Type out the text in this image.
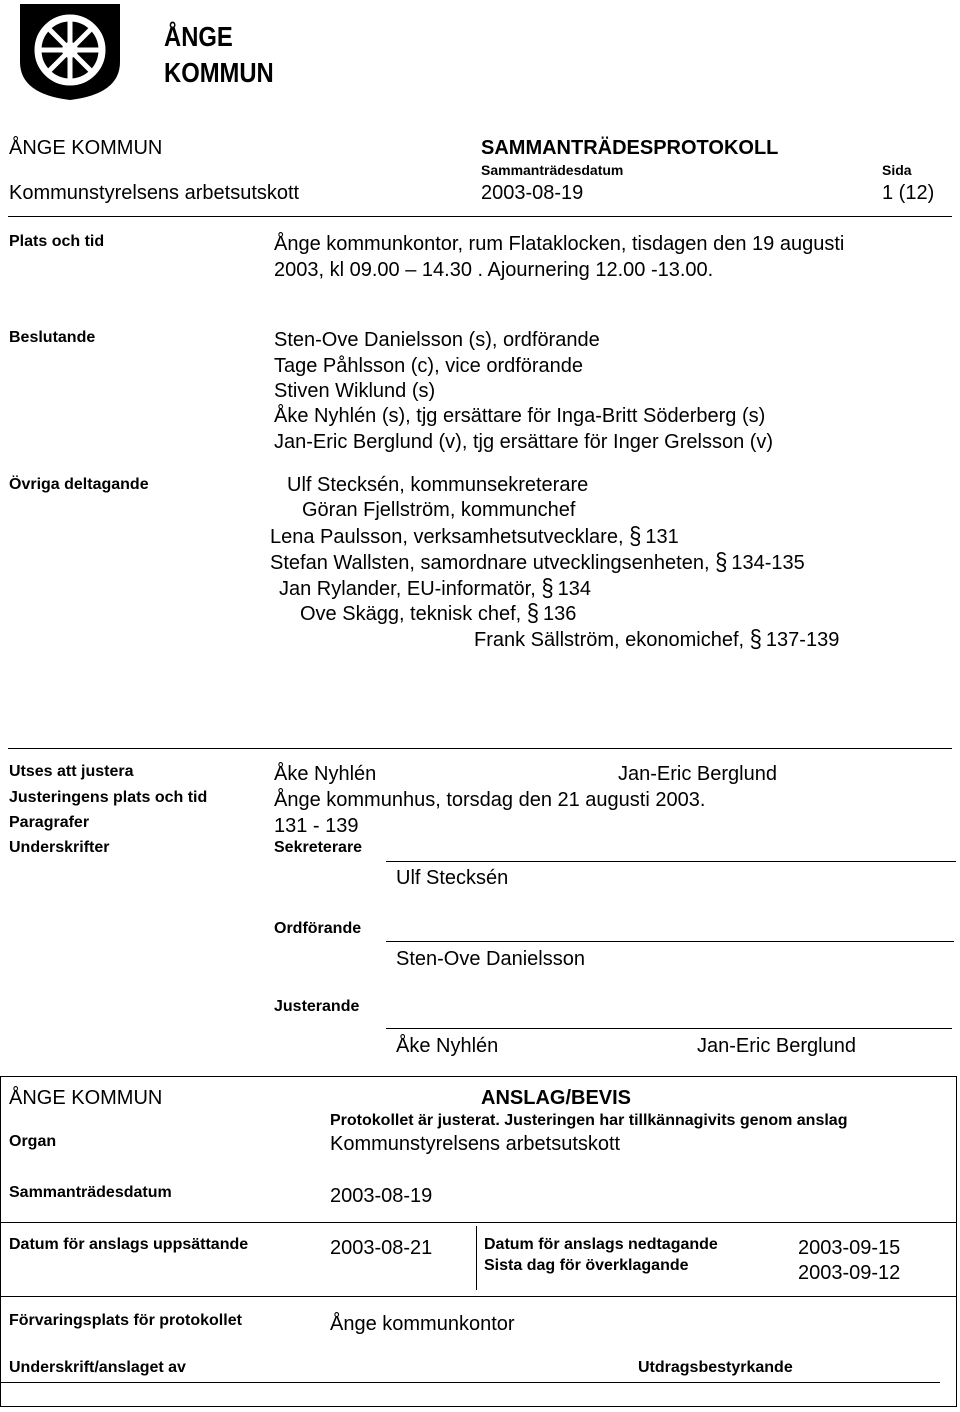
ÅNGE
KOMMUN
ÅNGE KOMMUN	SAMMANTRÄDESPROTOKOLL
Sammanträdesdatum	Sida
Kommunstyrelsens arbetsutskott	2003-08-19	1 (12)
Plats och tid	Ånge kommunkontor, rum Flataklocken, tisdagen den 19 augusti
2003, kl 09.00 – 14.30 . Ajournering 12.00 -13.00.
Beslutande	Sten-Ove Danielsson (s), ordförande
Tage Påhlsson (c), vice ordförande
Stiven Wiklund (s)
Åke Nyhlén (s), tjg ersättare för Inga-Britt Söderberg (s)
Jan-Eric Berglund (v), tjg ersättare för Inger Grelsson (v)
Övriga deltagande	Ulf Stecksén, kommunsekreterare
Göran Fjellström, kommunchef
Lena Paulsson, verksamhetsutvecklare, § 131
Stefan Wallsten, samordnare utvecklingsenheten, § 134-135
Jan Rylander, EU-informatör, § 134
Ove Skägg, teknisk chef, § 136
Frank Sällström, ekonomichef, § 137-139
Utses att justera	Åke Nyhlén	Jan-Eric Berglund
Justeringens plats och tid	Ånge kommunhus, torsdag den 21 augusti 2003.
Paragrafer	131 - 139
Underskrifter	Sekreterare
Ulf Stecksén
Ordförande
Sten-Ove Danielsson
Justerande
Åke Nyhlén	Jan-Eric Berglund
ÅNGE KOMMUN	ANSLAG/BEVIS
Protokollet är justerat. Justeringen har tillkännagivits genom anslag
Organ	Kommunstyrelsens arbetsutskott
Sammanträdesdatum	2003-08-19
Datum för anslags uppsättande	2003-08-21	Datum för anslags nedtagande	2003-09-15
Sista dag för överklagande	2003-09-12
Förvaringsplats för protokollet	Ånge kommunkontor
Underskrift/anslaget av	Utdragsbestyrkande
